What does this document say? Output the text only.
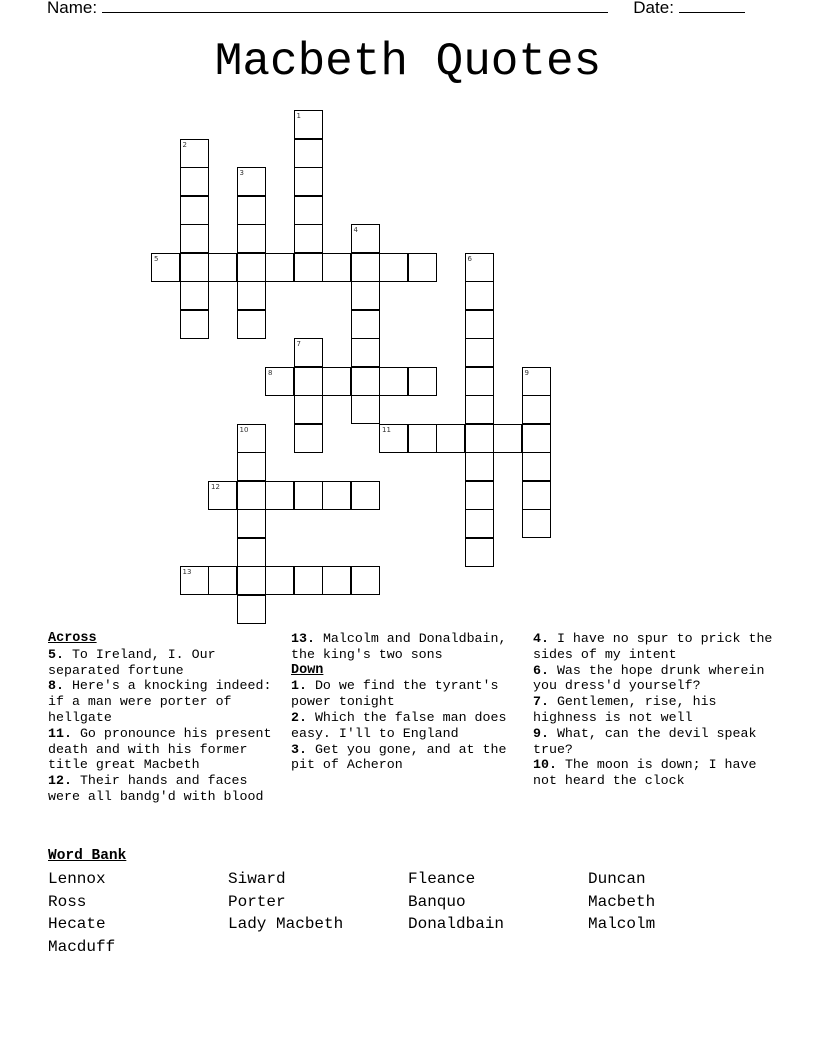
Name:	Date:
Macbeth Quotes
1
2
3
4
5	6
7
8	9
10	11
12
13
Across
5. To Ireland, I. Our separated fortune
8. Here's a knocking indeed: if a man were porter of hellgate
11. Go pronounce his present death and with his former title great Macbeth
12. Their hands and faces were all bandg'd with blood
13. Malcolm and Donaldbain, the king's two sons
Down
1. Do we find the tyrant's power tonight
2. Which the false man does easy. I'll to England
3. Get you gone, and at the pit of Acheron
4. I have no spur to prick the sides of my intent
6. Was the hope drunk wherein you dress'd yourself?
7. Gentlemen, rise, his highness is not well
9. What, can the devil speak true?
10. The moon is down; I have not heard the clock
Word Bank
Lennox	Siward	Fleance	Duncan
Ross	Porter	Banquo	Macbeth
Hecate	Lady Macbeth	Donaldbain	Malcolm
Macduff
